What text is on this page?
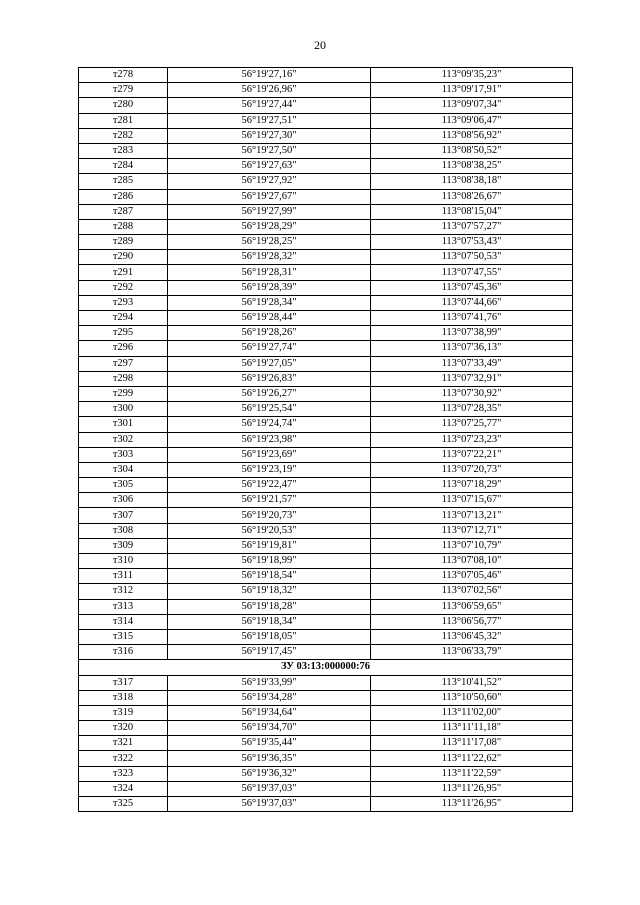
20
т278	56°19'27,16"	113°09'35,23"
т279	56°19'26,96"	113°09'17,91"
т280	56°19'27,44"	113°09'07,34"
т281	56°19'27,51"	113°09'06,47"
т282	56°19'27,30"	113°08'56,92"
т283	56°19'27,50"	113°08'50,52"
т284	56°19'27,63"	113°08'38,25"
т285	56°19'27,92"	113°08'38,18"
т286	56°19'27,67"	113°08'26,67"
т287	56°19'27,99"	113°08'15,04"
т288	56°19'28,29"	113°07'57,27"
т289	56°19'28,25"	113°07'53,43"
т290	56°19'28,32"	113°07'50,53"
т291	56°19'28,31"	113°07'47,55"
т292	56°19'28,39"	113°07'45,36"
т293	56°19'28,34"	113°07'44,66"
т294	56°19'28,44"	113°07'41,76"
т295	56°19'28,26"	113°07'38,99"
т296	56°19'27,74"	113°07'36,13"
т297	56°19'27,05"	113°07'33,49"
т298	56°19'26,83"	113°07'32,91"
т299	56°19'26,27"	113°07'30,92"
т300	56°19'25,54"	113°07'28,35"
т301	56°19'24,74"	113°07'25,77"
т302	56°19'23,98"	113°07'23,23"
т303	56°19'23,69"	113°07'22,21"
т304	56°19'23,19"	113°07'20,73"
т305	56°19'22,47"	113°07'18,29"
т306	56°19'21,57"	113°07'15,67"
т307	56°19'20,73"	113°07'13,21"
т308	56°19'20,53"	113°07'12,71"
т309	56°19'19,81"	113°07'10,79"
т310	56°19'18,99"	113°07'08,10"
т311	56°19'18,54"	113°07'05,46"
т312	56°19'18,32"	113°07'02,56"
т313	56°19'18,28"	113°06'59,65"
т314	56°19'18,34"	113°06'56,77"
т315	56°19'18,05"	113°06'45,32"
т316	56°19'17,45"	113°06'33,79"
ЗУ 03:13:000000:76		
т317	56°19'33,99"	113°10'41,52"
т318	56°19'34,28"	113°10'50,60"
т319	56°19'34,64"	113°11'02,00"
т320	56°19'34,70"	113°11'11,18"
т321	56°19'35,44"	113°11'17,08"
т322	56°19'36,35"	113°11'22,62"
т323	56°19'36,32"	113°11'22,59"
т324	56°19'37,03"	113°11'26,95"
т325	56°19'37,03"	113°11'26,95"
